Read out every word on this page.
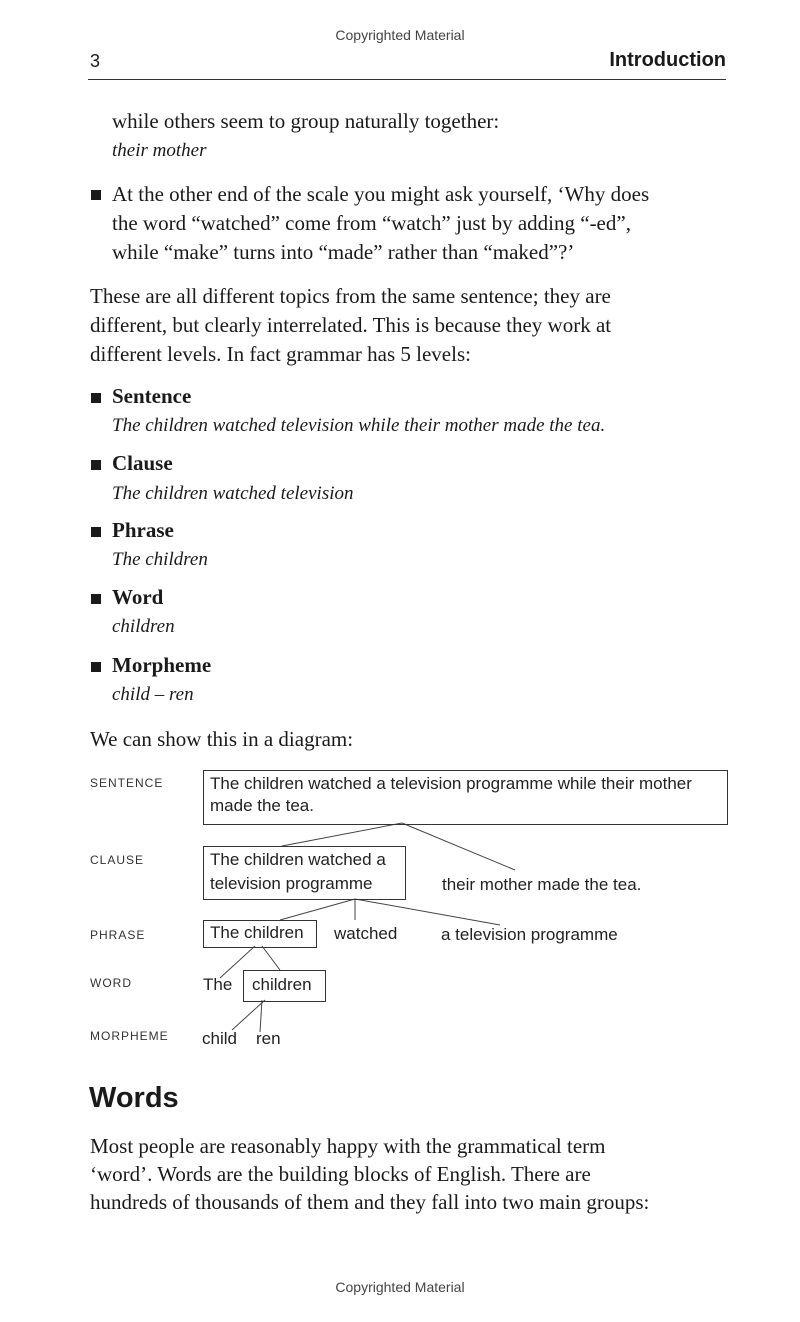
Copyrighted Material
3	Introduction
while others seem to group naturally together:
their mother
At the other end of the scale you might ask yourself, ‘Why does
the word “watched” come from “watch” just by adding “-ed”,
while “make” turns into “made” rather than “maked”?’
These are all different topics from the same sentence; they are
different, but clearly interrelated. This is because they work at
different levels. In fact grammar has 5 levels:
Sentence
The children watched television while their mother made the tea.
Clause
The children watched television
Phrase
The children
Word
children
Morpheme
child – ren
We can show this in a diagram:
SENTENCE
CLAUSE
PHRASE
WORD
MORPHEME
The children watched a television programme while their mother
made the tea.
The children watched a
television programme	their mother made the tea.
The children watched	a television programme
The children
child ren
Words
Most people are reasonably happy with the grammatical term
‘word’. Words are the building blocks of English. There are
hundreds of thousands of them and they fall into two main groups:
Copyrighted Material
